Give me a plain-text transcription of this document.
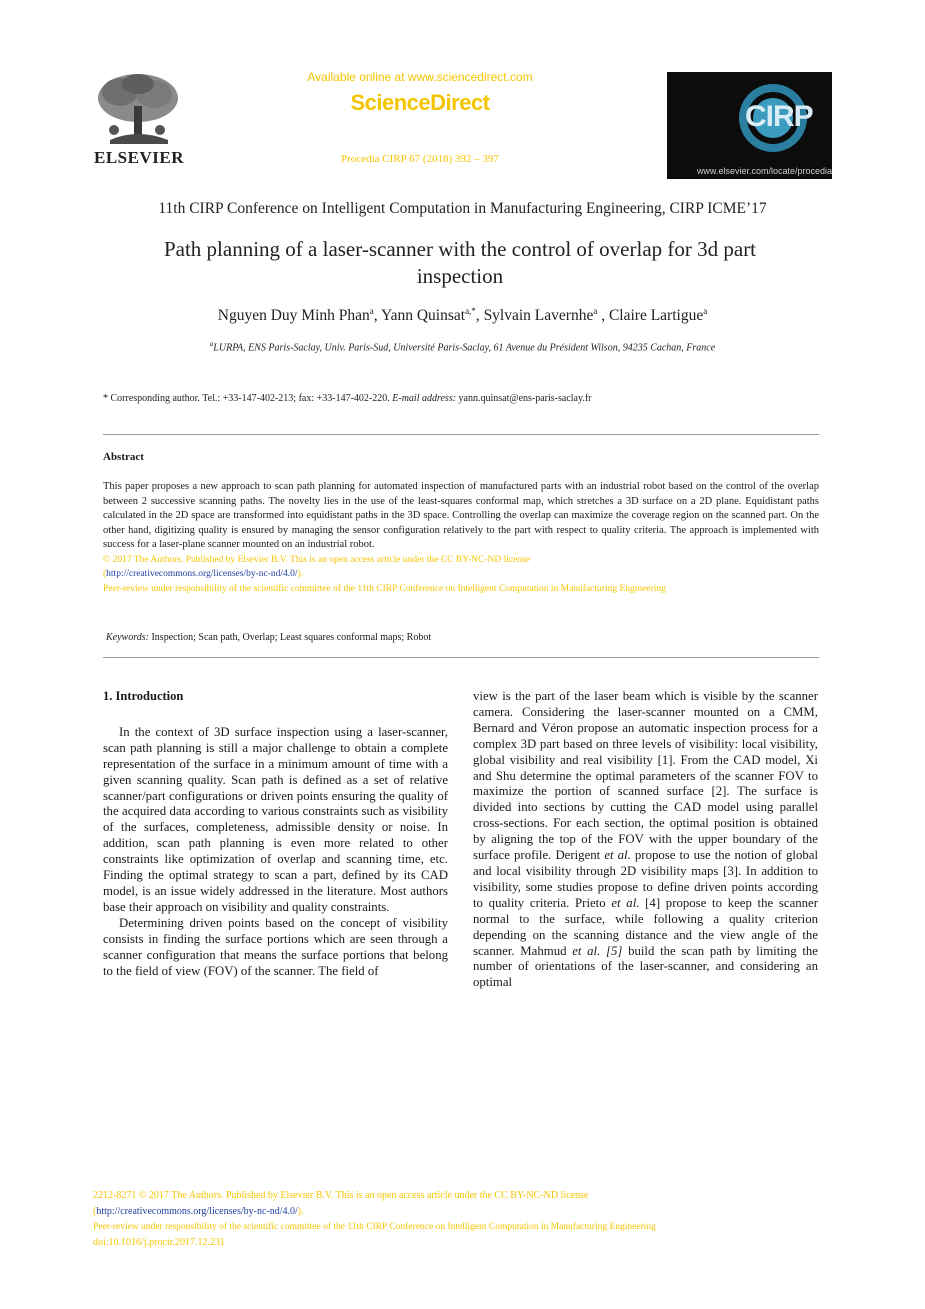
ELSEVIER
Available online at www.sciencedirect.com
ScienceDirect
Procedia CIRP 67 (2018) 392 – 397
CIRP
www.elsevier.com/locate/procedia
11th CIRP Conference on Intelligent Computation in Manufacturing Engineering, CIRP ICME’17
Path planning of a laser-scanner with the control of overlap for 3d part
inspection
Nguyen Duy Minh Phan$^a$, Yann Quinsat$^{a,*}$, Sylvain Lavernhe$^a$ , Claire Lartigue$^a$
$^a$LURPA, ENS Paris-Saclay, Univ. Paris-Sud, Université Paris-Saclay, 61 Avenue du Président Wilson, 94235 Cachan, France
* Corresponding author. Tel.: +33-147-402-213; fax: +33-147-402-220. E-mail address: yann.quinsat@ens-paris-saclay.fr
Abstract
This paper proposes a new approach to scan path planning for automated inspection of manufactured parts with an industrial robot based on the control of the overlap between 2 successive scanning paths. The novelty lies in the use of the least-squares conformal map, which stretches a 3D surface on a 2D plane. Equidistant paths calculated in the 2D space are transformed into equidistant paths in the 3D space. Controlling the overlap can maximize the coverage region on the scanned part. On the other hand, digitizing quality is ensured by managing the sensor configuration relatively to the part with respect to quality criteria. The approach is implemented with success for a laser-plane scanner mounted on an industrial robot.
© 2017 The Authors. Published by Elsevier B.V. This is an open access article under the CC BY-NC-ND license
(http://creativecommons.org/licenses/by-nc-nd/4.0/).
Peer-review under responsibility of the scientific committee of the 11th CIRP Conference on Intelligent Computation in Manufacturing Engineering
Keywords: Inspection; Scan path, Overlap; Least squares conformal maps; Robot

1. Introduction

In the context of 3D surface inspection using a laser-scanner, scan path planning is still a major challenge to obtain a complete representation of the surface in a minimum amount of time with a given scanning quality. Scan path is defined as a set of relative scanner/part configurations or driven points ensuring the quality of the acquired data according to various constraints such as visibility of the surfaces, completeness, admissible density or noise. In addition, scan path planning is even more related to other constraints like optimization of overlap and scanning time, etc. Finding the optimal strategy to scan a part, defined by its CAD model, is an issue widely addressed in the literature. Most authors base their approach on visibility and quality constraints.

Determining driven points based on the concept of visibility consists in finding the surface portions which are seen through a scanner configuration that means the surface portions that belong to the field of view (FOV) of the scanner. The field of

view is the part of the laser beam which is visible by the scanner camera. Considering the laser-scanner mounted on a CMM, Bernard and Véron propose an automatic inspection process for a complex 3D part based on three levels of visibility: local visibility, global visibility and real visibility [1]. From the CAD model, Xi and Shu determine the optimal parameters of the scanner FOV to maximize the portion of scanned surface [2]. The surface is divided into sections by cutting the CAD model using parallel cross-sections. For each section, the optimal position is obtained by aligning the top of the FOV with the upper boundary of the surface profile. Derigent et al. propose to use the notion of global and local visibility through 2D visibility maps [3]. In addition to visibility, some studies propose to define driven points according to quality criteria. Prieto et al. [4] propose to keep the scanner normal to the surface, while following a quality criterion depending on the scanning distance and the view angle of the scanner. Mahmud et al. [5] build the scan path by limiting the number of orientations of the laser-scanner, and considering an optimal

2212-8271 © 2017 The Authors. Published by Elsevier B.V. This is an open access article under the CC BY-NC-ND license
(http://creativecommons.org/licenses/by-nc-nd/4.0/).
Peer-review under responsibility of the scientific committee of the 11th CIRP Conference on Intelligent Computation in Manufacturing Engineering
doi:10.1016/j.procir.2017.12.231
